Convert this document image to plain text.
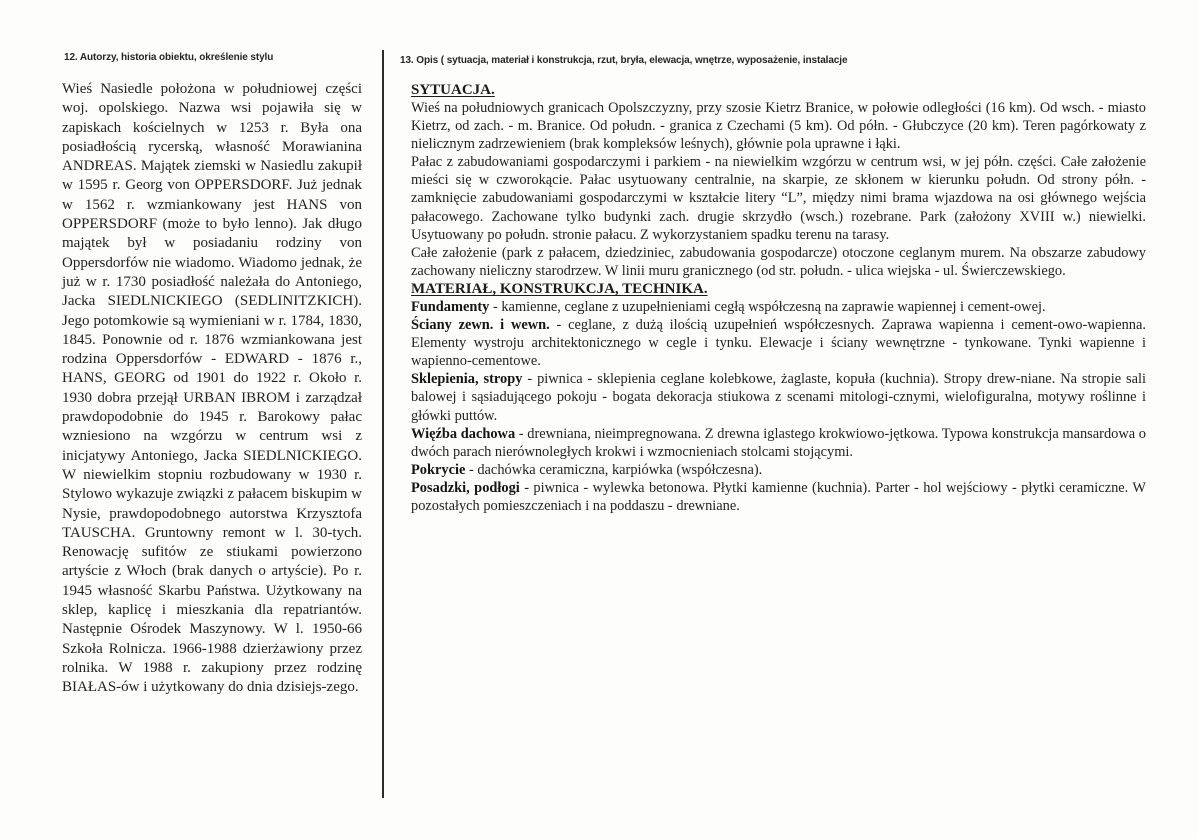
12. Autorzy, historia obiektu, określenie stylu	13. Opis ( sytuacja, materiał i konstrukcja, rzut, bryła, elewacja, wnętrze, wyposażenie, instalacje

Wieś Nasiedle położona w południowej części woj. opolskiego. Nazwa wsi pojawiła się w zapiskach kościelnych w 1253 r. Była ona posiadłością rycerską, własność Morawianina ANDREAS. Majątek ziemski w Nasiedlu zakupił w 1595 r. Georg von OPPERSDORF. Już jednak w 1562 r. wzmiankowany jest HANS von OPPERSDORF (może to było lenno). Jak długo majątek był w posiadaniu rodziny von Oppersdorfów nie wiadomo. Wiadomo jednak, że już w r. 1730 posiadłość należała do Antoniego, Jacka SIEDLNICKIEGO (SEDLINITZKICH). Jego potomkowie są wymieniani w r. 1784, 1830, 1845. Ponownie od r. 1876 wzmiankowana jest rodzina Oppersdorfów - EDWARD - 1876 r., HANS, GEORG od 1901 do 1922 r. Około r. 1930 dobra przejął URBAN IBROM i zarządzał prawdopodobnie do 1945 r. Barokowy pałac wzniesiono na wzgórzu w centrum wsi z inicjatywy Antoniego, Jacka SIEDLNICKIEGO. W niewielkim stopniu rozbudowany w 1930 r. Stylowo wykazuje związki z pałacem biskupim w Nysie, prawdopodobnego autorstwa Krzysztofa TAUSCHA. Gruntowny remont w l. 30-tych. Renowację sufitów ze stiukami powierzono artyście z Włoch (brak danych o artyście). Po r. 1945 własność Skarbu Państwa. Użytkowany na sklep, kaplicę i mieszkania dla repatriantów. Następnie Ośrodek Maszynowy. W l. 1950-66 Szkoła Rolnicza. 1966-1988 dzierżawiony przez rolnika. W 1988 r. zakupiony przez rodzinę BIAŁAS-ów i użytkowany do dnia dzisiejs-zego.

SYTUACJA.

Wieś na południowych granicach Opolszczyzny, przy szosie Kietrz Branice, w połowie odległości (16 km). Od wsch. - miasto Kietrz, od zach. - m. Branice. Od połudn. - granica z Czechami (5 km). Od półn. - Głubczyce (20 km). Teren pagórkowaty z nielicznym zadrzewieniem (brak kompleksów leśnych), głównie pola uprawne i łąki.

Pałac z zabudowaniami gospodarczymi i parkiem - na niewielkim wzgórzu w centrum wsi, w jej półn. części. Całe założenie mieści się w czworokącie. Pałac usytuowany centralnie, na skarpie, ze skłonem w kierunku połudn. Od strony półn. - zamknięcie zabudowaniami gospodarczymi w kształcie litery “L”, między nimi brama wjazdowa na osi głównego wejścia pałacowego. Zachowane tylko budynki zach. drugie skrzydło (wsch.) rozebrane. Park (założony XVIII w.) niewielki. Usytuowany po połudn. stronie pałacu. Z wykorzystaniem spadku terenu na tarasy.

Całe założenie (park z pałacem, dziedziniec, zabudowania gospodarcze) otoczone ceglanym murem. Na obszarze zabudowy zachowany nieliczny starodrzew. W linii muru granicznego (od str. połudn. - ulica wiejska - ul. Świerczewskiego.

MATERIAŁ, KONSTRUKCJA, TECHNIKA.

Fundamenty - kamienne, ceglane z uzupełnieniami cegłą współczesną na zaprawie wapiennej i cement-owej.

Ściany zewn. i wewn. - ceglane, z dużą ilością uzupełnień współczesnych. Zaprawa wapienna i cement-owo-wapienna. Elementy wystroju architektonicznego w cegle i tynku. Elewacje i ściany wewnętrzne - tynkowane. Tynki wapienne i wapienno-cementowe.

Sklepienia, stropy - piwnica - sklepienia ceglane kolebkowe, żaglaste, kopuła (kuchnia). Stropy drew-niane. Na stropie sali balowej i sąsiadującego pokoju - bogata dekoracja stiukowa z scenami mitologi-cznymi, wielofiguralna, motywy roślinne i główki puttów.

Więźba dachowa - drewniana, nieimpregnowana. Z drewna iglastego krokwiowo-jętkowa. Typowa konstrukcja mansardowa o dwóch parach nierównoległych krokwi i wzmocnieniach stolcami stojącymi.

Pokrycie - dachówka ceramiczna, karpiówka (współczesna).

Posadzki, podłogi - piwnica - wylewka betonowa. Płytki kamienne (kuchnia). Parter - hol wejściowy - płytki ceramiczne. W pozostałych pomieszczeniach i na poddaszu - drewniane.
